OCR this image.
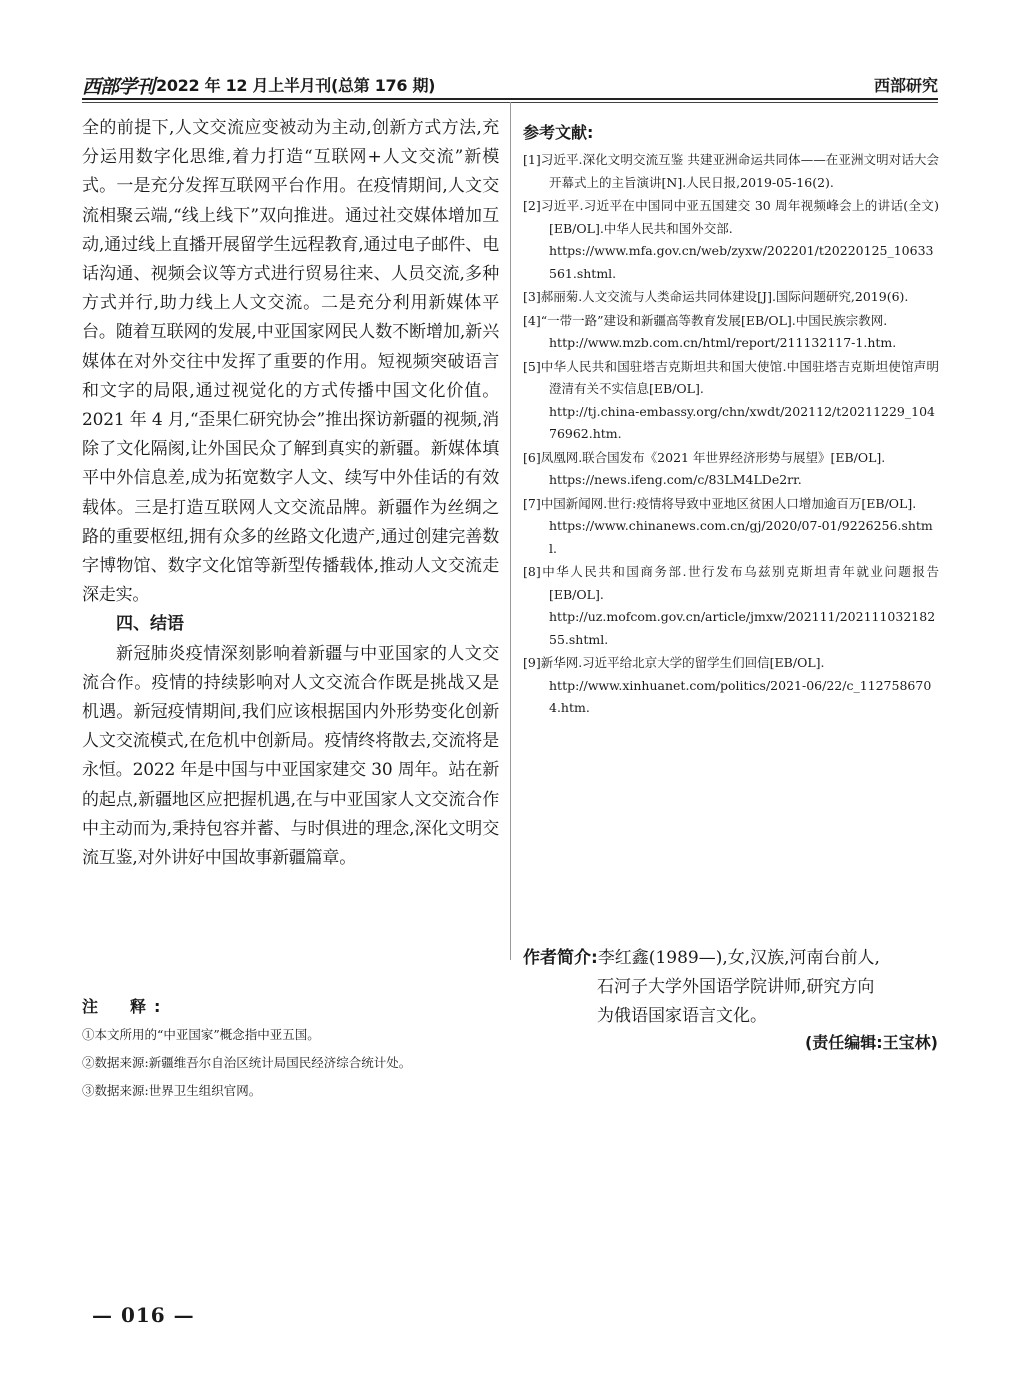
西部学刊 2022 年 12 月上半月刊(总第 176 期)	西部研究

全的前提下,人文交流应变被动为主动,创新方式方法,充分运用数字化思维,着力打造“互联网+人文交流”新模式。一是充分发挥互联网平台作用。在疫情期间,人文交流相聚云端,“线上线下”双向推进。通过社交媒体增加互动,通过线上直播开展留学生远程教育,通过电子邮件、电话沟通、视频会议等方式进行贸易往来、人员交流,多种方式并行,助力线上人文交流。二是充分利用新媒体平台。随着互联网的发展,中亚国家网民人数不断增加,新兴媒体在对外交往中发挥了重要的作用。短视频突破语言和文字的局限,通过视觉化的方式传播中国文化价值。2021 年 4 月,“歪果仁研究协会”推出探访新疆的视频,消除了文化隔阂,让外国民众了解到真实的新疆。新媒体填平中外信息差,成为拓宽数字人文、续写中外佳话的有效载体。三是打造互联网人文交流品牌。新疆作为丝绸之路的重要枢纽,拥有众多的丝路文化遗产,通过创建完善数字博物馆、数字文化馆等新型传播载体,推动人文交流走深走实。

四、结语

新冠肺炎疫情深刻影响着新疆与中亚国家的人文交流合作。疫情的持续影响对人文交流合作既是挑战又是机遇。新冠疫情期间,我们应该根据国内外形势变化创新人文交流模式,在危机中创新局。疫情终将散去,交流将是永恒。2022 年是中国与中亚国家建交 30 周年。站在新的起点,新疆地区应把握机遇,在与中亚国家人文交流合作中主动而为,秉持包容并蓄、与时俱进的理念,深化文明交流互鉴,对外讲好中国故事新疆篇章。

注　释:

①本文所用的“中亚国家”概念指中亚五国。

②数据来源:新疆维吾尔自治区统计局国民经济综合统计处。

③数据来源:世界卫生组织官网。

参考文献:

[1]习近平.深化文明交流互鉴 共建亚洲命运共同体——在亚洲文明对话大会开幕式上的主旨演讲[N].人民日报,2019-05-16(2).

[2]习近平.习近平在中国同中亚五国建交 30 周年视频峰会上的讲话(全文)[EB/OL].中华人民共和国外交部.
https://www.mfa.gov.cn/web/zyxw/202201/t20220125_10633561.shtml.

[3]郝丽菊.人文交流与人类命运共同体建设[J].国际问题研究,2019(6).

[4]“一带一路”建设和新疆高等教育发展[EB/OL].中国民族宗教网.
http://www.mzb.com.cn/html/report/211132117-1.htm.

[5]中华人民共和国驻塔吉克斯坦共和国大使馆.中国驻塔吉克斯坦使馆声明澄清有关不实信息[EB/OL].
http://tj.china-embassy.org/chn/xwdt/202112/t20211229_10476962.htm.

[6]凤凰网.联合国发布《2021 年世界经济形势与展望》[EB/OL].
https://news.ifeng.com/c/83LM4LDe2rr.

[7]中国新闻网.世行:疫情将导致中亚地区贫困人口增加逾百万[EB/OL].
https://www.chinanews.com.cn/gj/2020/07-01/9226256.shtml.

[8]中华人民共和国商务部.世行发布乌兹别克斯坦青年就业问题报告[EB/OL].
http://uz.mofcom.gov.cn/article/jmxw/202111/20211103218255.shtml.

[9]新华网.习近平给北京大学的留学生们回信[EB/OL].
http://www.xinhuanet.com/politics/2021-06/22/c_1127586704.htm.

作者简介:李红鑫(1989—),女,汉族,河南台前人,

石河子大学外国语学院讲师,研究方向

为俄语国家语言文化。

(责任编辑:王宝林)
— 016 —
